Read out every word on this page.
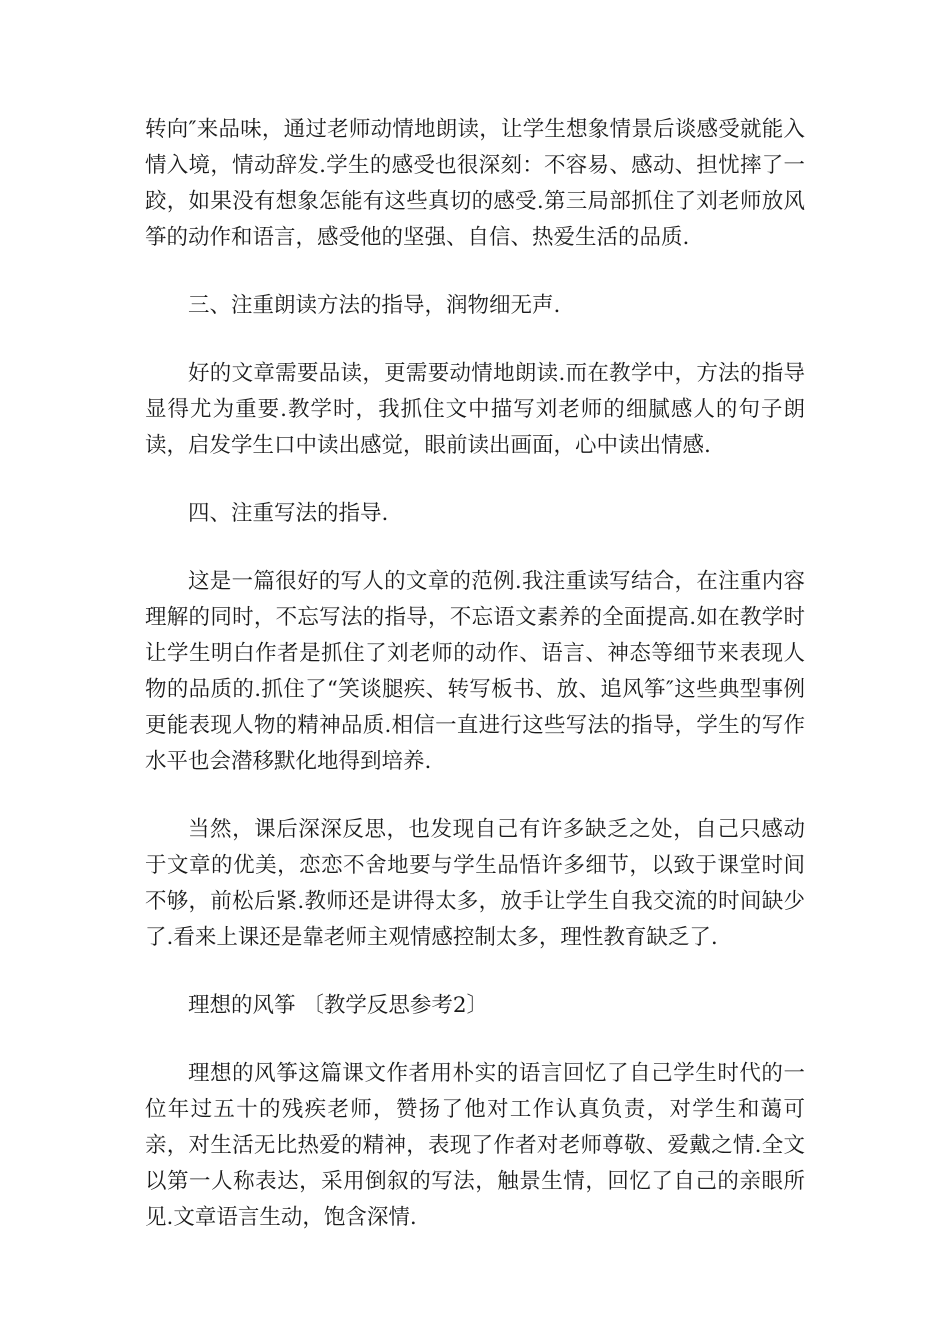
转向″来品味，通过老师动情地朗读，让学生想象情景后谈感受就能入情入境，情动辞发.学生的感受也很深刻：不容易、感动、担忧摔了一跤，如果没有想象怎能有这些真切的感受.第三局部抓住了刘老师放风筝的动作和语言，感受他的坚强、自信、热爱生活的品质.

三、注重朗读方法的指导，润物细无声.

好的文章需要品读，更需要动情地朗读.而在教学中，方法的指导显得尤为重要.教学时，我抓住文中描写刘老师的细腻感人的句子朗读，启发学生口中读出感觉，眼前读出画面，心中读出情感.

四、注重写法的指导.

这是一篇很好的写人的文章的范例.我注重读写结合，在注重内容理解的同时，不忘写法的指导，不忘语文素养的全面提高.如在教学时让学生明白作者是抓住了刘老师的动作、语言、神态等细节来表现人物的品质的.抓住了“笑谈腿疾、转写板书、放、追风筝″这些典型事例更能表现人物的精神品质.相信一直进行这些写法的指导，学生的写作水平也会潜移默化地得到培养.

当然，课后深深反思，也发现自己有许多缺乏之处，自己只感动于文章的优美，恋恋不舍地要与学生品悟许多细节，以致于课堂时间不够，前松后紧.教师还是讲得太多，放手让学生自我交流的时间缺少了.看来上课还是靠老师主观情感控制太多，理性教育缺乏了.

理想的风筝 〔教学反思参考2〕

理想的风筝这篇课文作者用朴实的语言回忆了自己学生时代的一位年过五十的残疾老师，赞扬了他对工作认真负责，对学生和蔼可亲，对生活无比热爱的精神，表现了作者对老师尊敬、爱戴之情.全文以第一人称表达，采用倒叙的写法，触景生情，回忆了自己的亲眼所见.文章语言生动，饱含深情.
